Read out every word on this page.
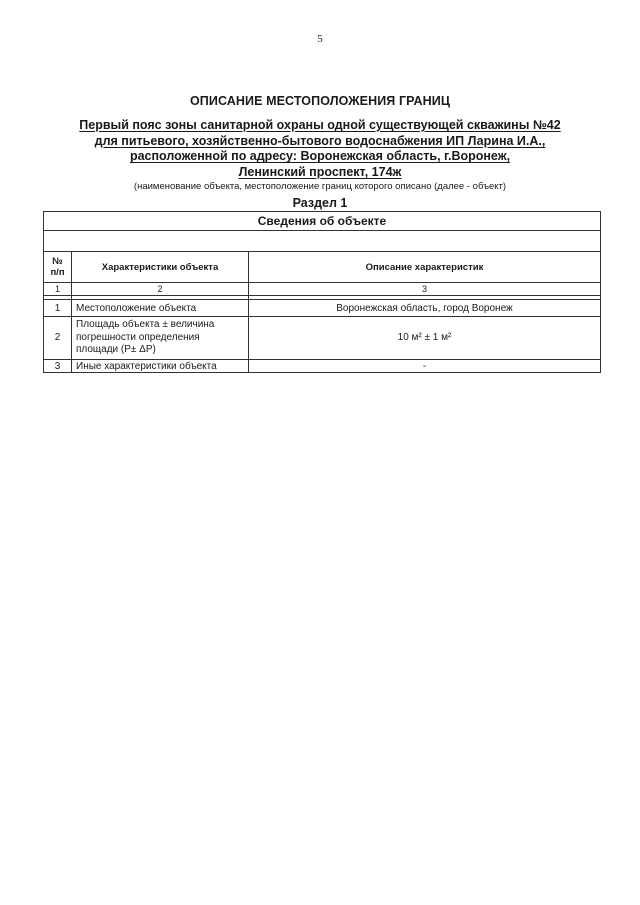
5
ОПИСАНИЕ МЕСТОПОЛОЖЕНИЯ ГРАНИЦ
Первый пояс зоны санитарной охраны одной существующей скважины №42
для питьевого, хозяйственно-бытового водоснабжения ИП Ларина И.А.,
расположенной по адресу: Воронежская область, г.Воронеж,
Ленинский проспект, 174ж
(наименование объекта, местоположение границ которого описано (далее - объект)
Раздел 1
Сведения об объекте		

№ п/п	Характеристики объекта	Описание характеристик
1	2	3

1	Местоположение объекта	Воронежская область, город Воронеж
2	Площадь объекта ± величина погрешности определения площади (P± ΔP)	10 м² ± 1 м²
3	Иные характеристики объекта	-
